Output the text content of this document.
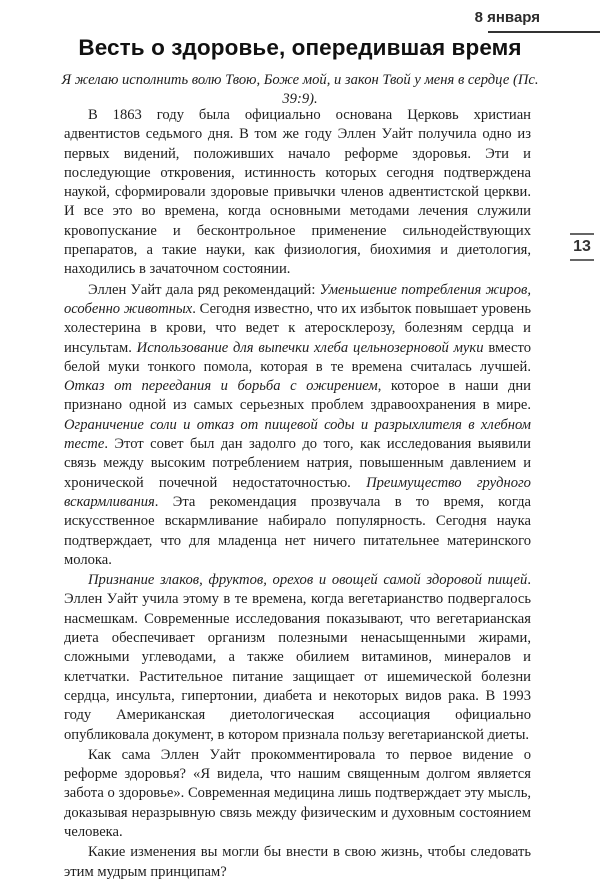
8 января
Весть о здоровье, опередившая время

Я желаю исполнить волю Твою, Боже мой, и закон Твой у меня в сердце (Пс. 39:9).

В 1863 году была официально основана Церковь христиан адвентистов седьмого дня. В том же году Эллен Уайт получила одно из первых видений, положивших начало реформе здоровья. Эти и последующие откровения, истинность которых сегодня подтверждена наукой, сформировали здоровые привычки членов адвентистской церкви. И все это во времена, когда основными методами лечения служили кровопускание и бесконтрольное применение сильнодействующих препаратов, а такие науки, как физиология, биохимия и диетология, находились в зачаточном состоянии.

Эллен Уайт дала ряд рекомендаций: Уменьшение потребления жиров, особенно животных. Сегодня известно, что их избыток повышает уровень холестерина в крови, что ведет к атеросклерозу, болезням сердца и инсультам. Использование для выпечки хлеба цельнозерновой муки вместо белой муки тонкого помола, которая в те времена считалась лучшей. Отказ от переедания и борьба с ожирением, которое в наши дни признано одной из самых серьезных проблем здравоохранения в мире. Ограничение соли и отказ от пищевой соды и разрыхлителя в хлебном тесте. Этот совет был дан задолго до того, как исследования выявили связь между высоким потреблением натрия, повышенным давлением и хронической почечной недостаточностью. Преимущество грудного вскармливания. Эта рекомендация прозвучала в то время, когда искусственное вскармливание набирало популярность. Сегодня наука подтверждает, что для младенца нет ничего питательнее материнского молока.

Признание злаков, фруктов, орехов и овощей самой здоровой пищей. Эллен Уайт учила этому в те времена, когда вегетарианство подвергалось насмешкам. Современные исследования показывают, что вегетарианская диета обеспечивает организм полезными ненасыщенными жирами, сложными углеводами, а также обилием витаминов, минералов и клетчатки. Растительное питание защищает от ишемической болезни сердца, инсульта, гипертонии, диабета и некоторых видов рака. В 1993 году Американская диетологическая ассоциация официально опубликовала документ, в котором признала пользу вегетарианской диеты.

Как сама Эллен Уайт прокомментировала то первое видение о реформе здоровья? «Я видела, что нашим священным долгом является забота о здоровье». Современная медицина лишь подтверждает эту мысль, доказывая неразрывную связь между физическим и духовным состоянием человека.

Какие изменения вы могли бы внести в свою жизнь, чтобы следовать этим мудрым принципам?

13
